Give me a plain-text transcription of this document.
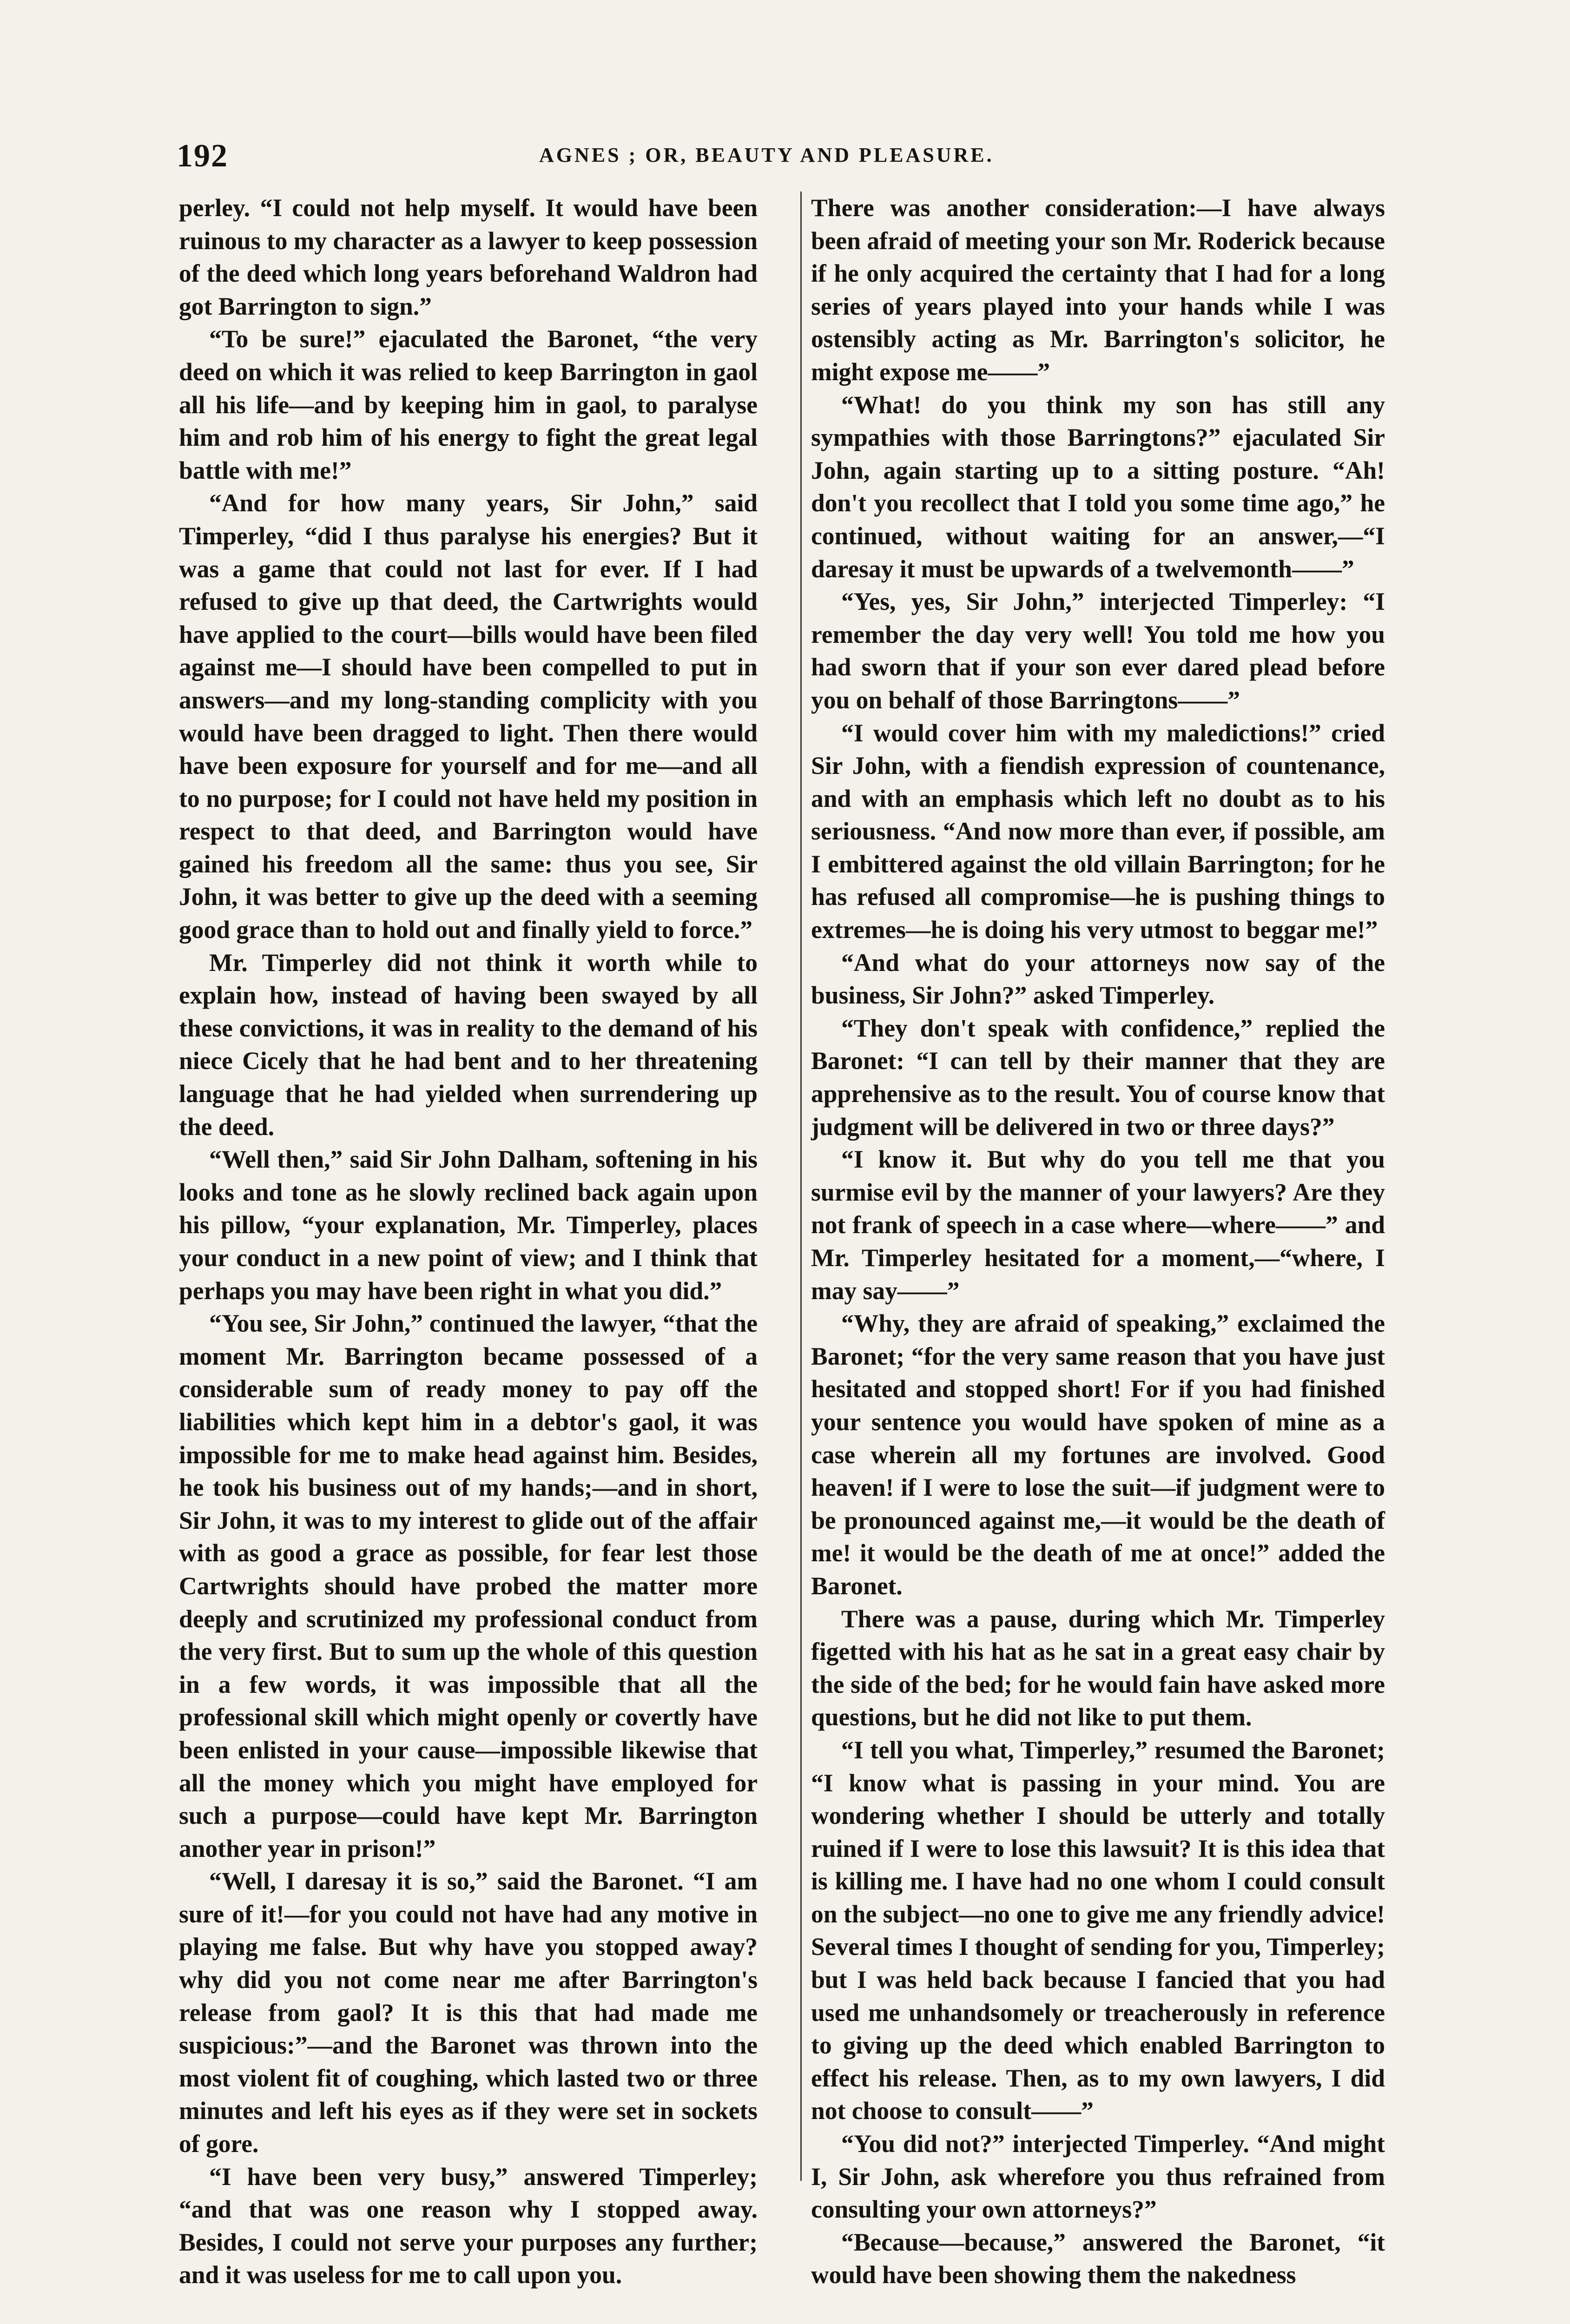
192	AGNES ; OR, BEAUTY AND PLEASURE.

perley. “I could not help myself. It would have been ruinous to my character as a lawyer to keep possession of the deed which long years beforehand Waldron had got Barrington to sign.”

“To be sure!” ejaculated the Baronet, “the very deed on which it was relied to keep Barrington in gaol all his life—and by keeping him in gaol, to paralyse him and rob him of his energy to fight the great legal battle with me!”

“And for how many years, Sir John,” said Timperley, “did I thus paralyse his energies? But it was a game that could not last for ever. If I had refused to give up that deed, the Cartwrights would have applied to the court—bills would have been filed against me—I should have been compelled to put in answers—and my long-standing complicity with you would have been dragged to light. Then there would have been exposure for yourself and for me—and all to no purpose; for I could not have held my position in respect to that deed, and Barrington would have gained his freedom all the same: thus you see, Sir John, it was better to give up the deed with a seeming good grace than to hold out and finally yield to force.”

Mr. Timperley did not think it worth while to explain how, instead of having been swayed by all these convictions, it was in reality to the demand of his niece Cicely that he had bent and to her threatening language that he had yielded when surrendering up the deed.

“Well then,” said Sir John Dalham, softening in his looks and tone as he slowly reclined back again upon his pillow, “your explanation, Mr. Timperley, places your conduct in a new point of view; and I think that perhaps you may have been right in what you did.”

“You see, Sir John,” continued the lawyer, “that the moment Mr. Barrington became possessed of a considerable sum of ready money to pay off the liabilities which kept him in a debtor's gaol, it was impossible for me to make head against him. Besides, he took his business out of my hands;—and in short, Sir John, it was to my interest to glide out of the affair with as good a grace as possible, for fear lest those Cartwrights should have probed the matter more deeply and scrutinized my professional conduct from the very first. But to sum up the whole of this question in a few words, it was impossible that all the professional skill which might openly or covertly have been enlisted in your cause—impossible likewise that all the money which you might have employed for such a purpose—could have kept Mr. Barrington another year in prison!”

“Well, I daresay it is so,” said the Baronet. “I am sure of it!—for you could not have had any motive in playing me false. But why have you stopped away? why did you not come near me after Barrington's release from gaol? It is this that had made me suspicious:”—and the Baronet was thrown into the most violent fit of coughing, which lasted two or three minutes and left his eyes as if they were set in sockets of gore.

“I have been very busy,” answered Timperley; “and that was one reason why I stopped away. Besides, I could not serve your purposes any further; and it was useless for me to call upon you.

There was another consideration:—I have always been afraid of meeting your son Mr. Roderick because if he only acquired the certainty that I had for a long series of years played into your hands while I was ostensibly acting as Mr. Barrington's solicitor, he might expose me——”

“What! do you think my son has still any sympathies with those Barringtons?” ejaculated Sir John, again starting up to a sitting posture. “Ah! don't you recollect that I told you some time ago,” he continued, without waiting for an answer,—“I daresay it must be upwards of a twelvemonth——”

“Yes, yes, Sir John,” interjected Timperley: “I remember the day very well! You told me how you had sworn that if your son ever dared plead before you on behalf of those Barringtons——”

“I would cover him with my maledictions!” cried Sir John, with a fiendish expression of countenance, and with an emphasis which left no doubt as to his seriousness. “And now more than ever, if possible, am I embittered against the old villain Barrington; for he has refused all compromise—he is pushing things to extremes—he is doing his very utmost to beggar me!”

“And what do your attorneys now say of the business, Sir John?” asked Timperley.

“They don't speak with confidence,” replied the Baronet: “I can tell by their manner that they are apprehensive as to the result. You of course know that judgment will be delivered in two or three days?”

“I know it. But why do you tell me that you surmise evil by the manner of your lawyers? Are they not frank of speech in a case where—where——” and Mr. Timperley hesitated for a moment,—“where, I may say——”

“Why, they are afraid of speaking,” exclaimed the Baronet; “for the very same reason that you have just hesitated and stopped short! For if you had finished your sentence you would have spoken of mine as a case wherein all my fortunes are involved. Good heaven! if I were to lose the suit—if judgment were to be pronounced against me,—it would be the death of me! it would be the death of me at once!” added the Baronet.

There was a pause, during which Mr. Timperley figetted with his hat as he sat in a great easy chair by the side of the bed; for he would fain have asked more questions, but he did not like to put them.

“I tell you what, Timperley,” resumed the Baronet; “I know what is passing in your mind. You are wondering whether I should be utterly and totally ruined if I were to lose this lawsuit? It is this idea that is killing me. I have had no one whom I could consult on the subject—no one to give me any friendly advice! Several times I thought of sending for you, Timperley; but I was held back because I fancied that you had used me unhandsomely or treacherously in reference to giving up the deed which enabled Barrington to effect his release. Then, as to my own lawyers, I did not choose to consult——”

“You did not?” interjected Timperley. “And might I, Sir John, ask wherefore you thus refrained from consulting your own attorneys?”

“Because—because,” answered the Baronet, “it would have been showing them the nakedness
